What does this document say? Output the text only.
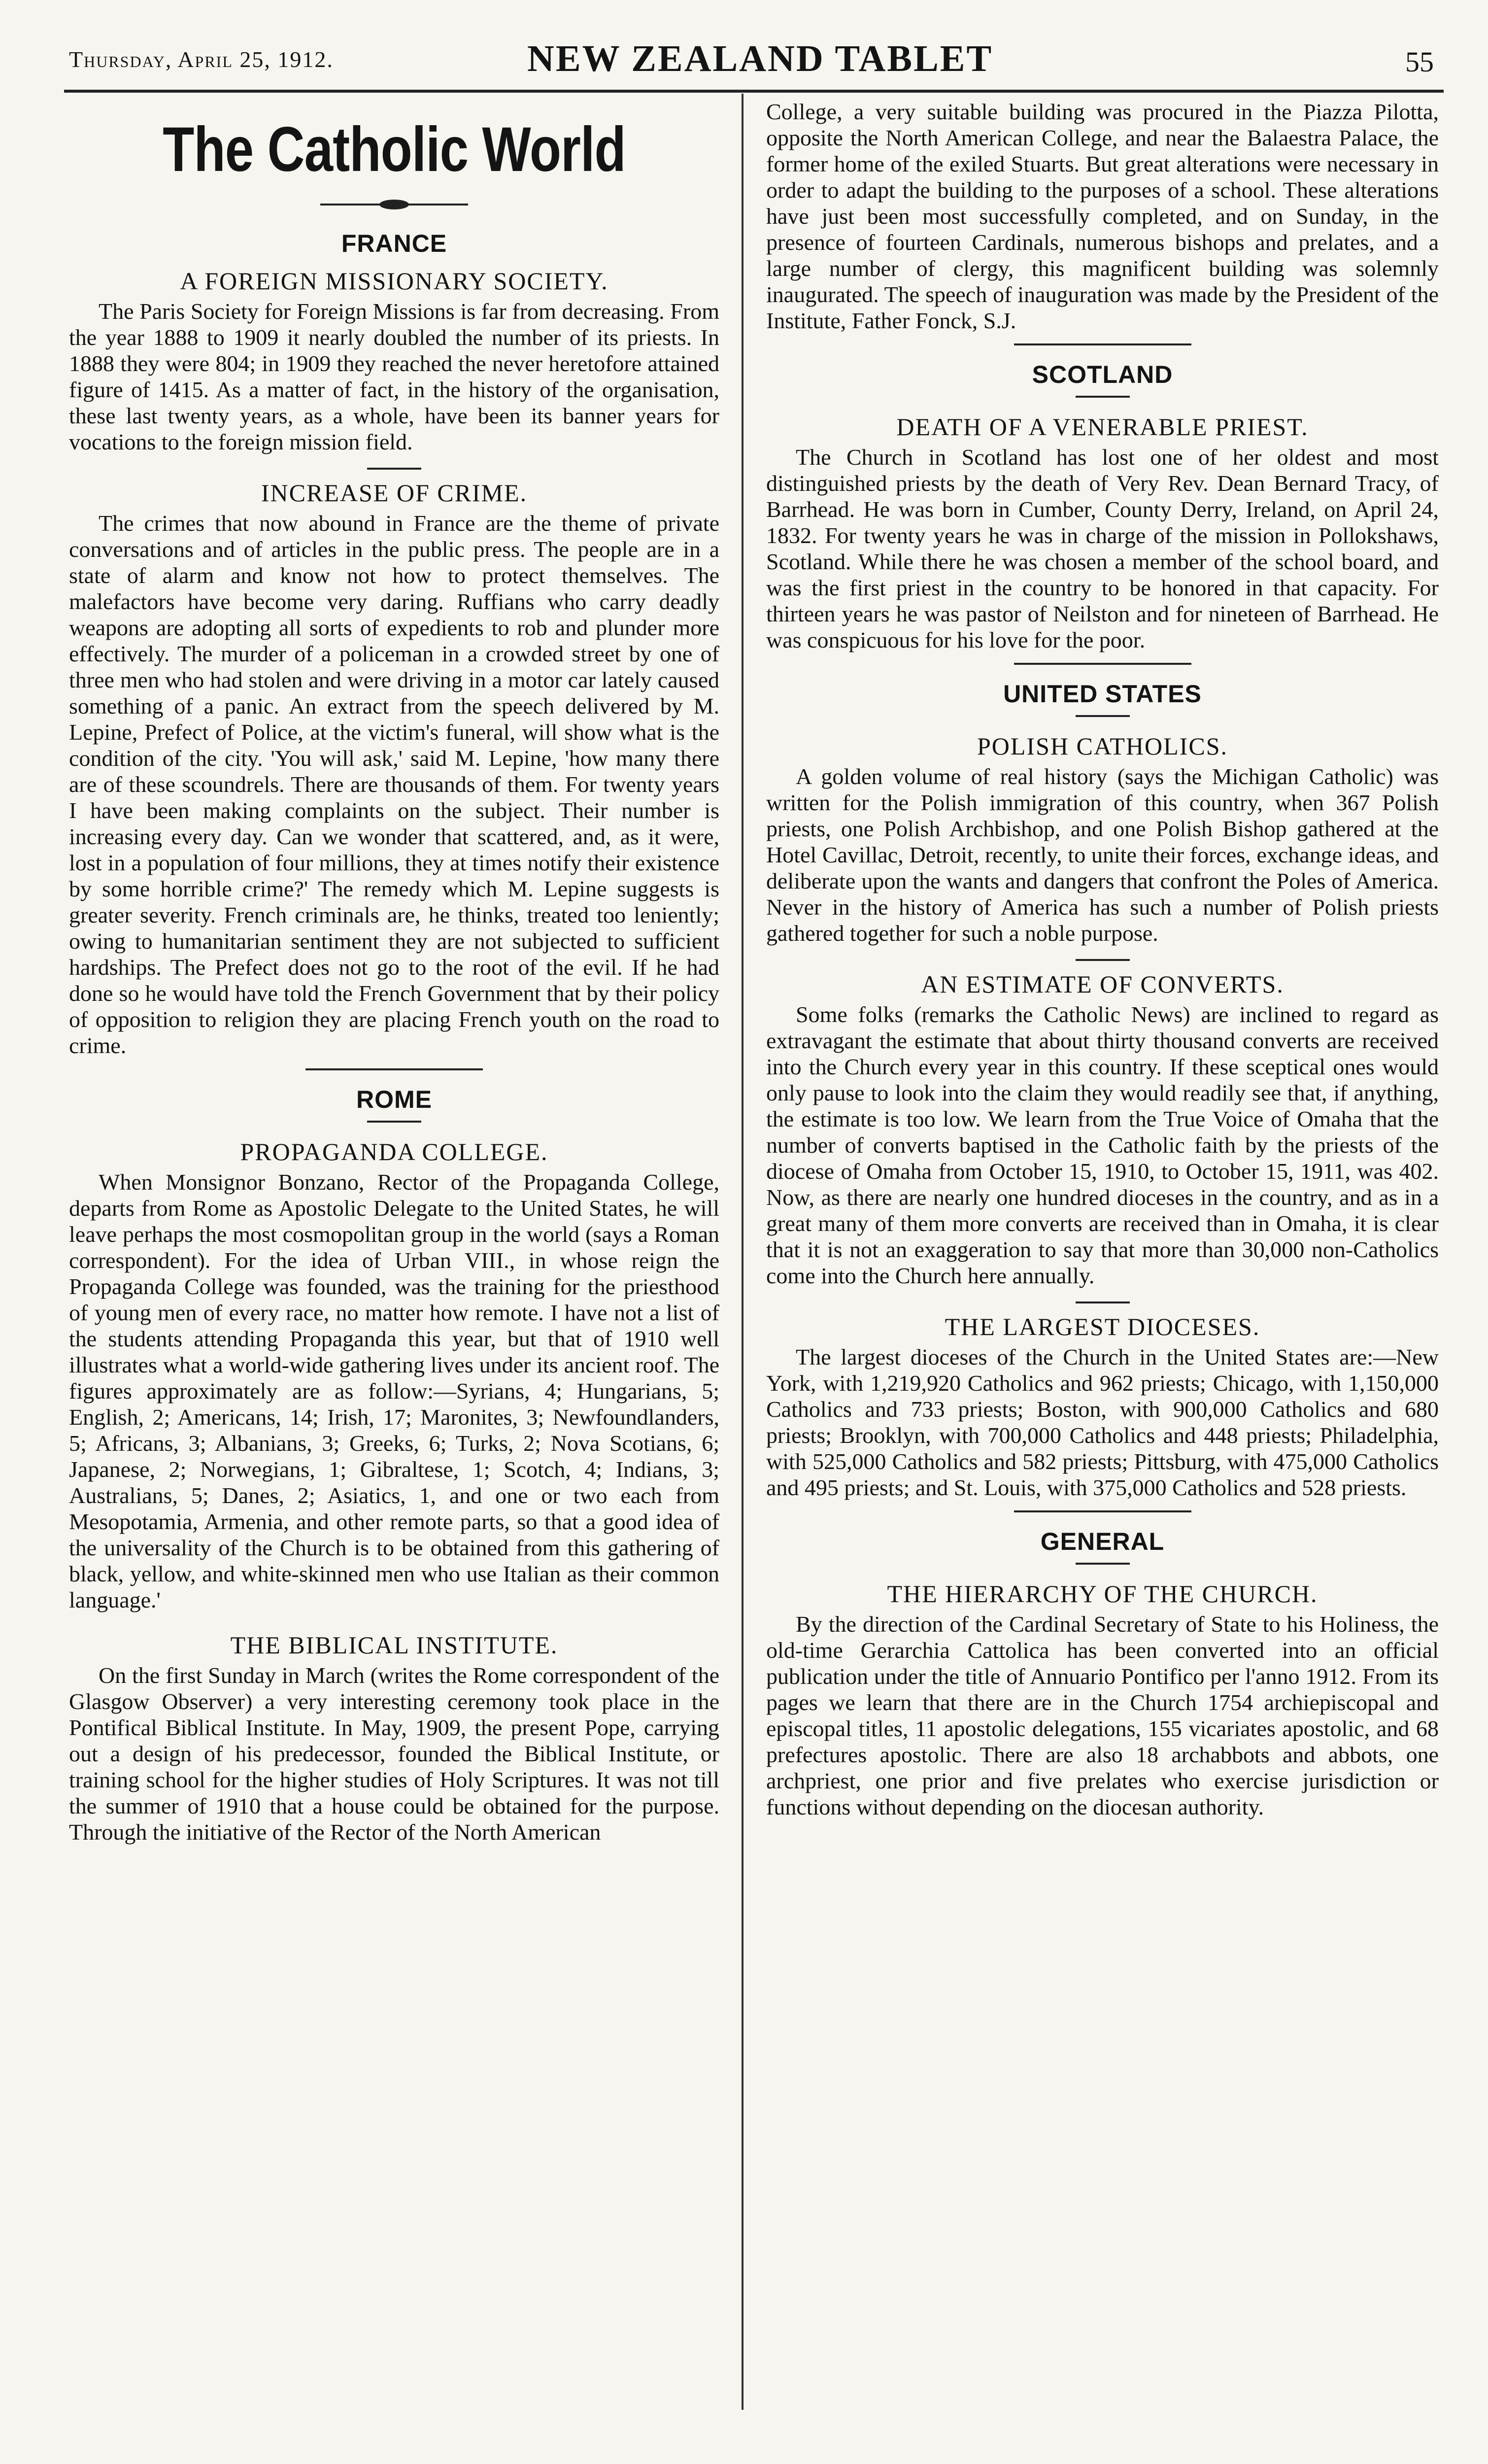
Thursday, April 25, 1912.	NEW ZEALAND TABLET	55
The Catholic World
FRANCE
A FOREIGN MISSIONARY SOCIETY.

The Paris Society for Foreign Missions is far from decreasing. From the year 1888 to 1909 it nearly doubled the number of its priests. In 1888 they were 804; in 1909 they reached the never heretofore attained figure of 1415. As a matter of fact, in the history of the organisation, these last twenty years, as a whole, have been its banner years for vocations to the foreign mission field.

INCREASE OF CRIME.

The crimes that now abound in France are the theme of private conversations and of articles in the public press. The people are in a state of alarm and know not how to protect themselves. The malefactors have become very daring. Ruffians who carry deadly weapons are adopting all sorts of expedients to rob and plunder more effectively. The murder of a policeman in a crowded street by one of three men who had stolen and were driving in a motor car lately caused something of a panic. An extract from the speech delivered by M. Lepine, Prefect of Police, at the victim's funeral, will show what is the condition of the city. 'You will ask,' said M. Lepine, 'how many there are of these scoundrels. There are thousands of them. For twenty years I have been making complaints on the subject. Their number is increasing every day. Can we wonder that scattered, and, as it were, lost in a population of four millions, they at times notify their existence by some horrible crime?' The remedy which M. Lepine suggests is greater severity. French criminals are, he thinks, treated too leniently; owing to humanitarian sentiment they are not subjected to sufficient hardships. The Prefect does not go to the root of the evil. If he had done so he would have told the French Government that by their policy of opposition to religion they are placing French youth on the road to crime.

ROME
PROPAGANDA COLLEGE.

When Monsignor Bonzano, Rector of the Propaganda College, departs from Rome as Apostolic Delegate to the United States, he will leave perhaps the most cosmopolitan group in the world (says a Roman correspondent). For the idea of Urban VIII., in whose reign the Propaganda College was founded, was the training for the priesthood of young men of every race, no matter how remote. I have not a list of the students attending Propaganda this year, but that of 1910 well illustrates what a world-wide gathering lives under its ancient roof. The figures approximately are as follow:—Syrians, 4; Hungarians, 5; English, 2; Americans, 14; Irish, 17; Maronites, 3; Newfoundlanders, 5; Africans, 3; Albanians, 3; Greeks, 6; Turks, 2; Nova Scotians, 6; Japanese, 2; Norwegians, 1; Gibraltese, 1; Scotch, 4; Indians, 3; Australians, 5; Danes, 2; Asiatics, 1, and one or two each from Mesopotamia, Armenia, and other remote parts, so that a good idea of the universality of the Church is to be obtained from this gathering of black, yellow, and white-skinned men who use Italian as their common language.'

THE BIBLICAL INSTITUTE.

On the first Sunday in March (writes the Rome correspondent of the Glasgow Observer) a very interesting ceremony took place in the Pontifical Biblical Institute. In May, 1909, the present Pope, carrying out a design of his predecessor, founded the Biblical Institute, or training school for the higher studies of Holy Scriptures. It was not till the summer of 1910 that a house could be obtained for the purpose. Through the initiative of the Rector of the North American

College, a very suitable building was procured in the Piazza Pilotta, opposite the North American College, and near the Balaestra Palace, the former home of the exiled Stuarts. But great alterations were necessary in order to adapt the building to the purposes of a school. These alterations have just been most successfully completed, and on Sunday, in the presence of fourteen Cardinals, numerous bishops and prelates, and a large number of clergy, this magnificent building was solemnly inaugurated. The speech of inauguration was made by the President of the Institute, Father Fonck, S.J.

SCOTLAND
DEATH OF A VENERABLE PRIEST.

The Church in Scotland has lost one of her oldest and most distinguished priests by the death of Very Rev. Dean Bernard Tracy, of Barrhead. He was born in Cumber, County Derry, Ireland, on April 24, 1832. For twenty years he was in charge of the mission in Pollokshaws, Scotland. While there he was chosen a member of the school board, and was the first priest in the country to be honored in that capacity. For thirteen years he was pastor of Neilston and for nineteen of Barrhead. He was conspicuous for his love for the poor.

UNITED STATES
POLISH CATHOLICS.

A golden volume of real history (says the Michigan Catholic) was written for the Polish immigration of this country, when 367 Polish priests, one Polish Archbishop, and one Polish Bishop gathered at the Hotel Cavillac, Detroit, recently, to unite their forces, exchange ideas, and deliberate upon the wants and dangers that confront the Poles of America. Never in the history of America has such a number of Polish priests gathered together for such a noble purpose.

AN ESTIMATE OF CONVERTS.

Some folks (remarks the Catholic News) are inclined to regard as extravagant the estimate that about thirty thousand converts are received into the Church every year in this country. If these sceptical ones would only pause to look into the claim they would readily see that, if anything, the estimate is too low. We learn from the True Voice of Omaha that the number of converts baptised in the Catholic faith by the priests of the diocese of Omaha from October 15, 1910, to October 15, 1911, was 402. Now, as there are nearly one hundred dioceses in the country, and as in a great many of them more converts are received than in Omaha, it is clear that it is not an exaggeration to say that more than 30,000 non-Catholics come into the Church here annually.

THE LARGEST DIOCESES.

The largest dioceses of the Church in the United States are:—New York, with 1,219,920 Catholics and 962 priests; Chicago, with 1,150,000 Catholics and 733 priests; Boston, with 900,000 Catholics and 680 priests; Brooklyn, with 700,000 Catholics and 448 priests; Philadelphia, with 525,000 Catholics and 582 priests; Pittsburg, with 475,000 Catholics and 495 priests; and St. Louis, with 375,000 Catholics and 528 priests.

GENERAL
THE HIERARCHY OF THE CHURCH.

By the direction of the Cardinal Secretary of State to his Holiness, the old-time Gerarchia Cattolica has been converted into an official publication under the title of Annuario Pontifico per l'anno 1912. From its pages we learn that there are in the Church 1754 archiepiscopal and episcopal titles, 11 apostolic delegations, 155 vicariates apostolic, and 68 prefectures apostolic. There are also 18 archabbots and abbots, one archpriest, one prior and five prelates who exercise jurisdiction or functions without depending on the diocesan authority.
